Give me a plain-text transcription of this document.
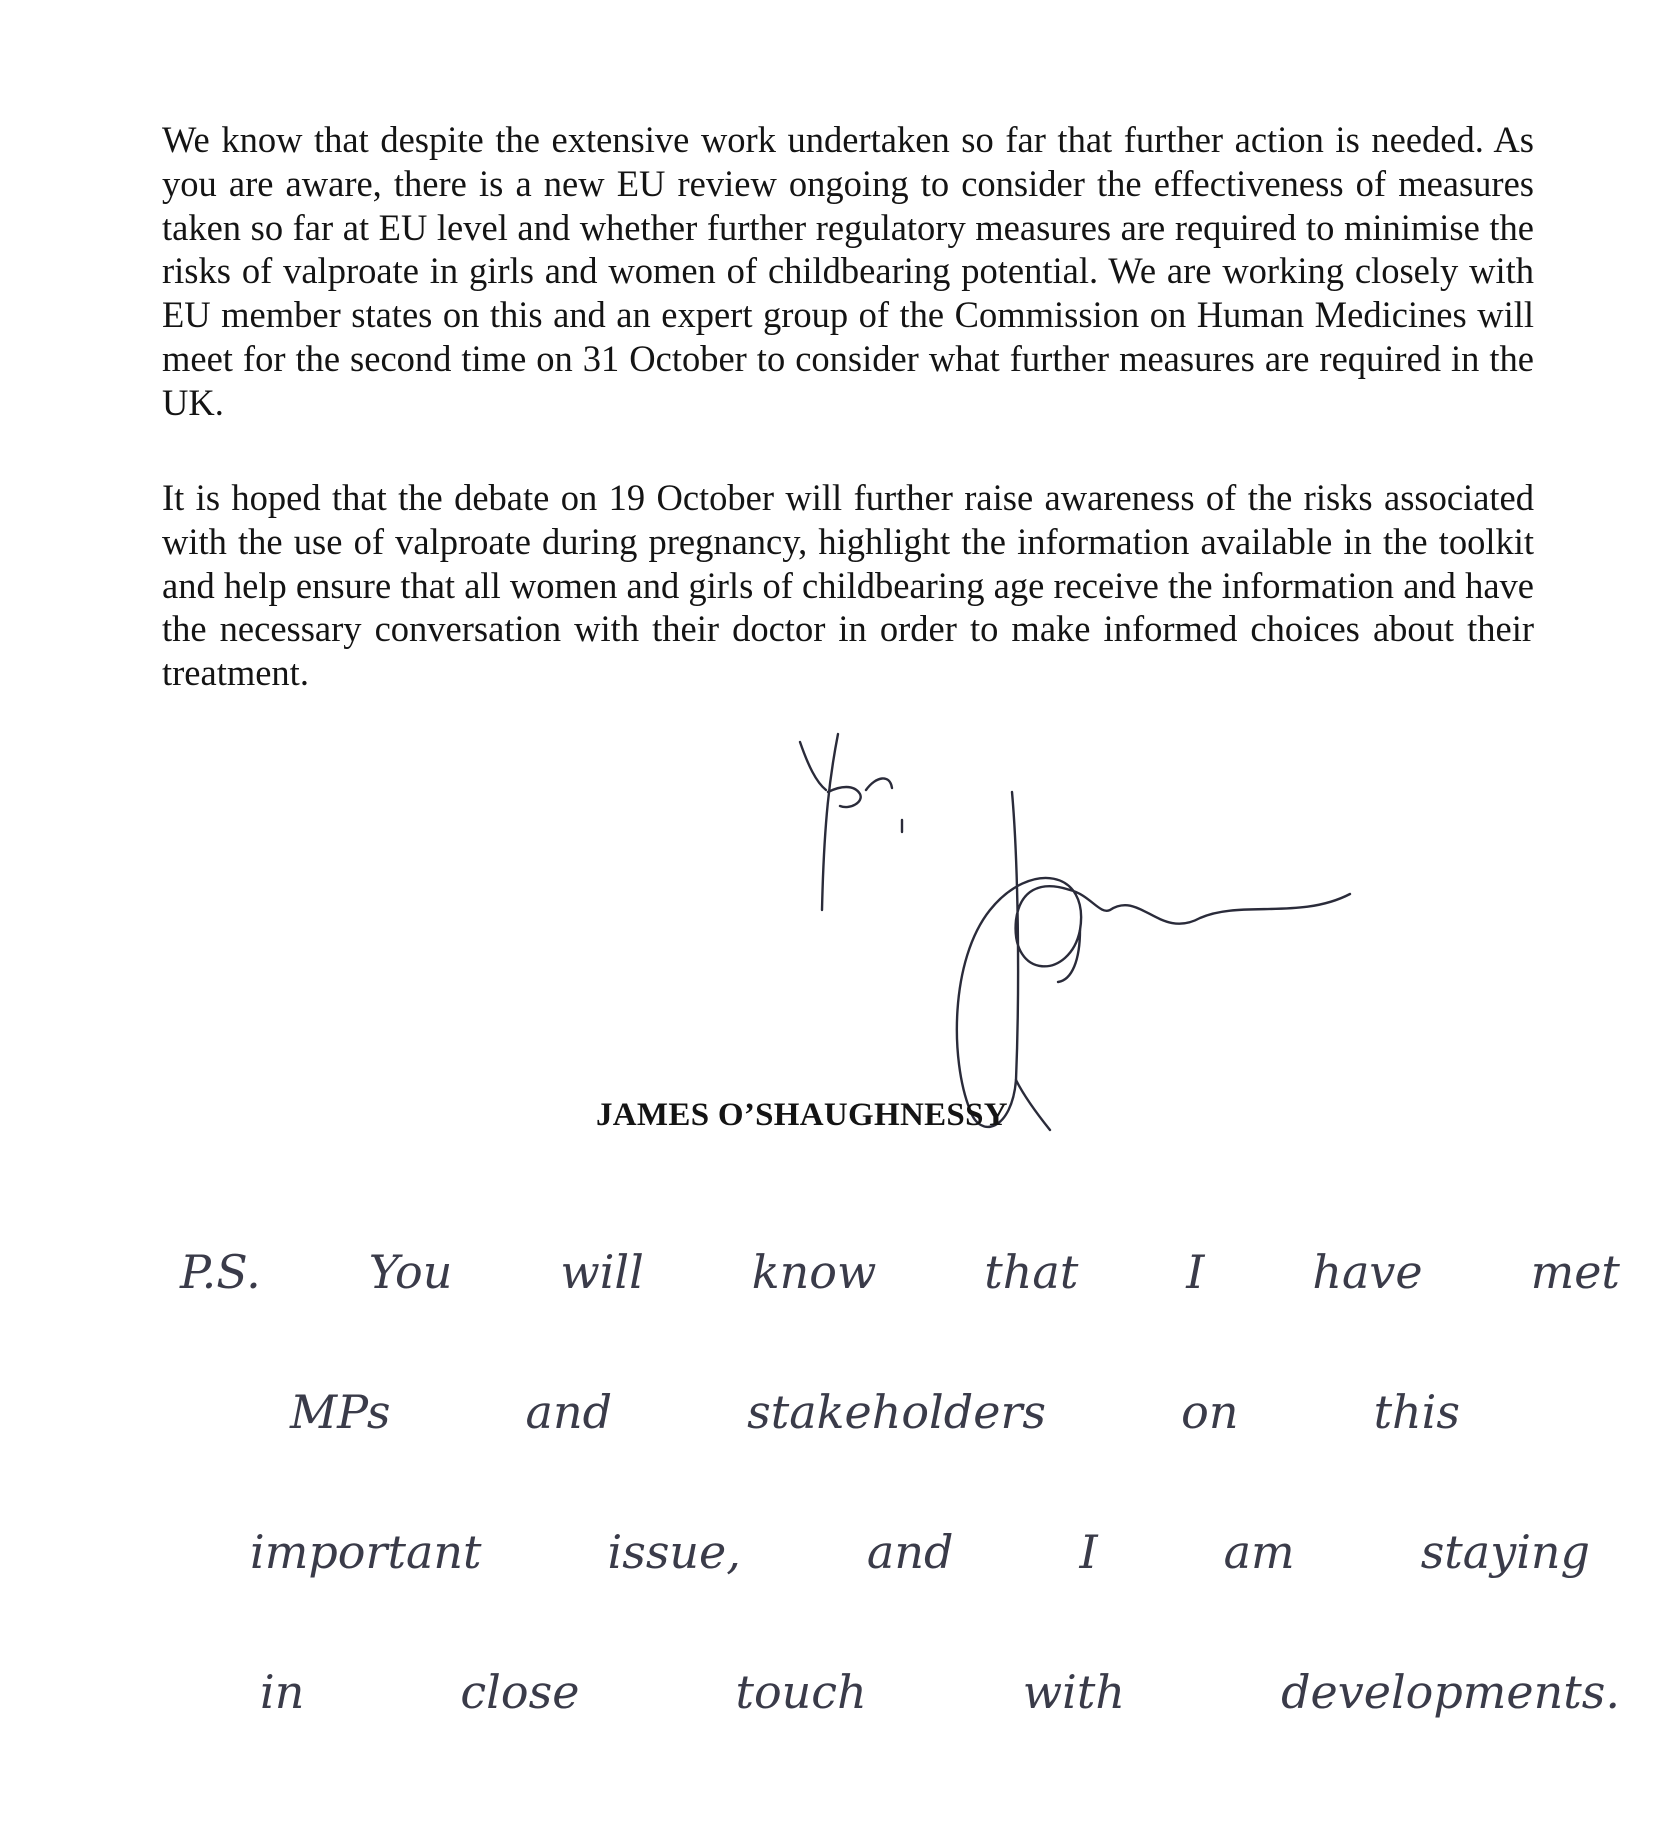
We know that despite the extensive work undertaken so far that further action is needed. As you are aware, there is a new EU review ongoing to consider the effectiveness of measures taken so far at EU level and whether further regulatory measures are required to minimise the risks of valproate in girls and women of childbearing potential. We are working closely with EU member states on this and an expert group of the Commission on Human Medicines will meet for the second time on 31 October to consider what further measures are required in the UK.

It is hoped that the debate on 19 October will further raise awareness of the risks associated with the use of valproate during pregnancy, highlight the information available in the toolkit and help ensure that all women and girls of childbearing age receive the information and have the necessary conversation with their doctor in order to make informed choices about their treatment.

JAMES O’SHAUGHNESSY
P.S. You will know that I have met
MPs	and	stakeholders	on	this
important	issue,	and	I	am	staying
in	close	touch	with	developments.
